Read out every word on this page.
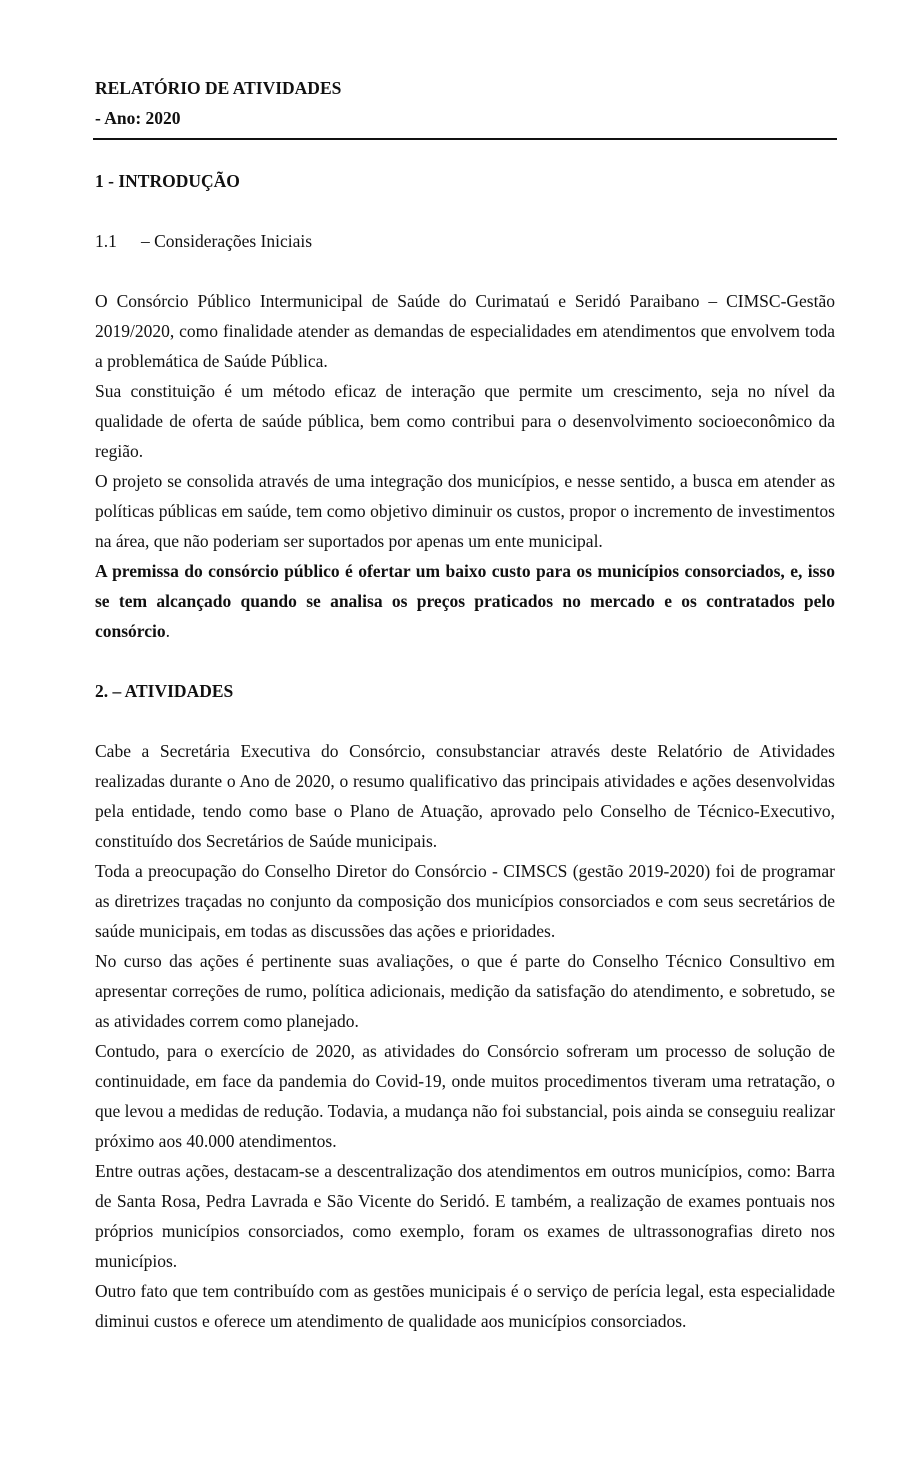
RELATÓRIO DE ATIVIDADES
- Ano: 2020
1 - INTRODUÇÃO
1.1	– Considerações Iniciais

O Consórcio Público Intermunicipal de Saúde do Curimataú e Seridó Paraibano – CIMSC-Gestão 2019/2020, como finalidade atender as demandas de especialidades em atendimentos que envolvem toda a problemática de Saúde Pública.

Sua constituição é um método eficaz de interação que permite um crescimento, seja no nível da qualidade de oferta de saúde pública, bem como contribui para o desenvolvimento socioeconômico da região.

O projeto se consolida através de uma integração dos municípios, e nesse sentido, a busca em atender as políticas públicas em saúde, tem como objetivo diminuir os custos, propor o incremento de investimentos na área, que não poderiam ser suportados por apenas um ente municipal.

A premissa do consórcio público é ofertar um baixo custo para os municípios consorciados, e, isso se tem alcançado quando se analisa os preços praticados no mercado e os contratados pelo consórcio.

2. – ATIVIDADES

Cabe a Secretária Executiva do Consórcio, consubstanciar através deste Relatório de Atividades realizadas durante o Ano de 2020, o resumo qualificativo das principais atividades e ações desenvolvidas pela entidade, tendo como base o Plano de Atuação, aprovado pelo Conselho de Técnico-Executivo, constituído dos Secretários de Saúde municipais.

Toda a preocupação do Conselho Diretor do Consórcio - CIMSCS (gestão 2019-2020) foi de programar as diretrizes traçadas no conjunto da composição dos municípios consorciados e com seus secretários de saúde municipais, em todas as discussões das ações e prioridades.

No curso das ações é pertinente suas avaliações, o que é parte do Conselho Técnico Consultivo em apresentar correções de rumo, política adicionais, medição da satisfação do atendimento, e sobretudo, se as atividades correm como planejado.

Contudo, para o exercício de 2020, as atividades do Consórcio sofreram um processo de solução de continuidade, em face da pandemia do Covid-19, onde muitos procedimentos tiveram uma retratação, o que levou a medidas de redução. Todavia, a mudança não foi substancial, pois ainda se conseguiu realizar próximo aos 40.000 atendimentos.

Entre outras ações, destacam-se a descentralização dos atendimentos em outros municípios, como: Barra de Santa Rosa, Pedra Lavrada e São Vicente do Seridó. E também, a realização de exames pontuais nos próprios municípios consorciados, como exemplo, foram os exames de ultrassonografias direto nos municípios.

Outro fato que tem contribuído com as gestões municipais é o serviço de perícia legal, esta especialidade diminui custos e oferece um atendimento de qualidade aos municípios consorciados.
